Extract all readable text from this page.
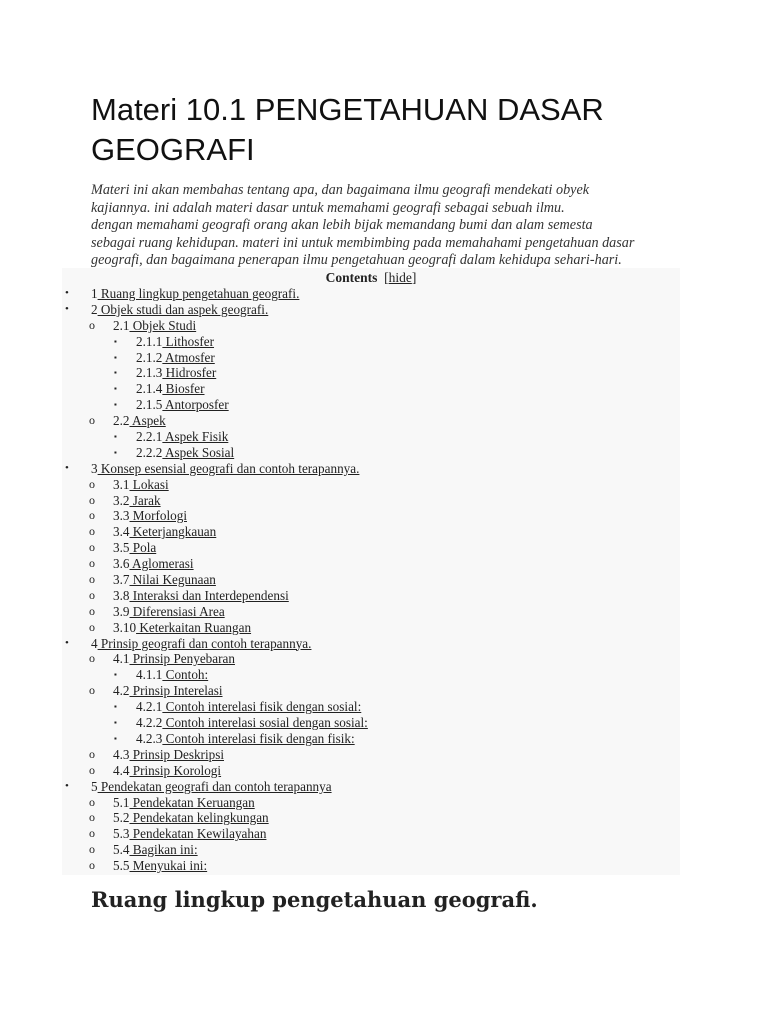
Materi 10.1 PENGETAHUAN DASAR GEOGRAFI
Materi ini akan membahas tentang apa, dan bagaimana ilmu geografi mendekati obyek
kajiannya. ini adalah materi dasar untuk memahami geografi sebagai sebuah ilmu.
dengan memahami geografi orang akan lebih bijak memandang bumi dan alam semesta
sebagai ruang kehidupan. materi ini untuk membimbing pada memahahami pengetahuan dasar
geografi, dan bagaimana penerapan ilmu pengetahuan geografi dalam kehidupa sehari-hari.
Contents  [hide]
• 1 Ruang lingkup pengetahuan geografi.
• 2 Objek studi dan aspek geografi.
o 2.1 Objek Studi
▪ 2.1.1 Lithosfer
▪ 2.1.2 Atmosfer
▪ 2.1.3 Hidrosfer
▪ 2.1.4 Biosfer
▪ 2.1.5 Antorposfer
o 2.2 Aspek
▪ 2.2.1 Aspek Fisik
▪ 2.2.2 Aspek Sosial
• 3 Konsep esensial geografi dan contoh terapannya.
o 3.1 Lokasi
o 3.2 Jarak
o 3.3 Morfologi
o 3.4 Keterjangkauan
o 3.5 Pola
o 3.6 Aglomerasi
o 3.7 Nilai Kegunaan
o 3.8 Interaksi dan Interdependensi
o 3.9 Diferensiasi Area
o 3.10 Keterkaitan Ruangan
• 4 Prinsip geografi dan contoh terapannya.
o 4.1 Prinsip Penyebaran
▪ 4.1.1 Contoh:
o 4.2 Prinsip Interelasi
▪ 4.2.1 Contoh interelasi fisik dengan sosial:
▪ 4.2.2 Contoh interelasi sosial dengan sosial:
▪ 4.2.3 Contoh interelasi fisik dengan fisik:
o 4.3 Prinsip Deskripsi
o 4.4 Prinsip Korologi
• 5 Pendekatan geografi dan contoh terapannya
o 5.1 Pendekatan Keruangan
o 5.2 Pendekatan kelingkungan
o 5.3 Pendekatan Kewilayahan
o 5.4 Bagikan ini:
o 5.5 Menyukai ini:
Ruang lingkup pengetahuan geografi.
